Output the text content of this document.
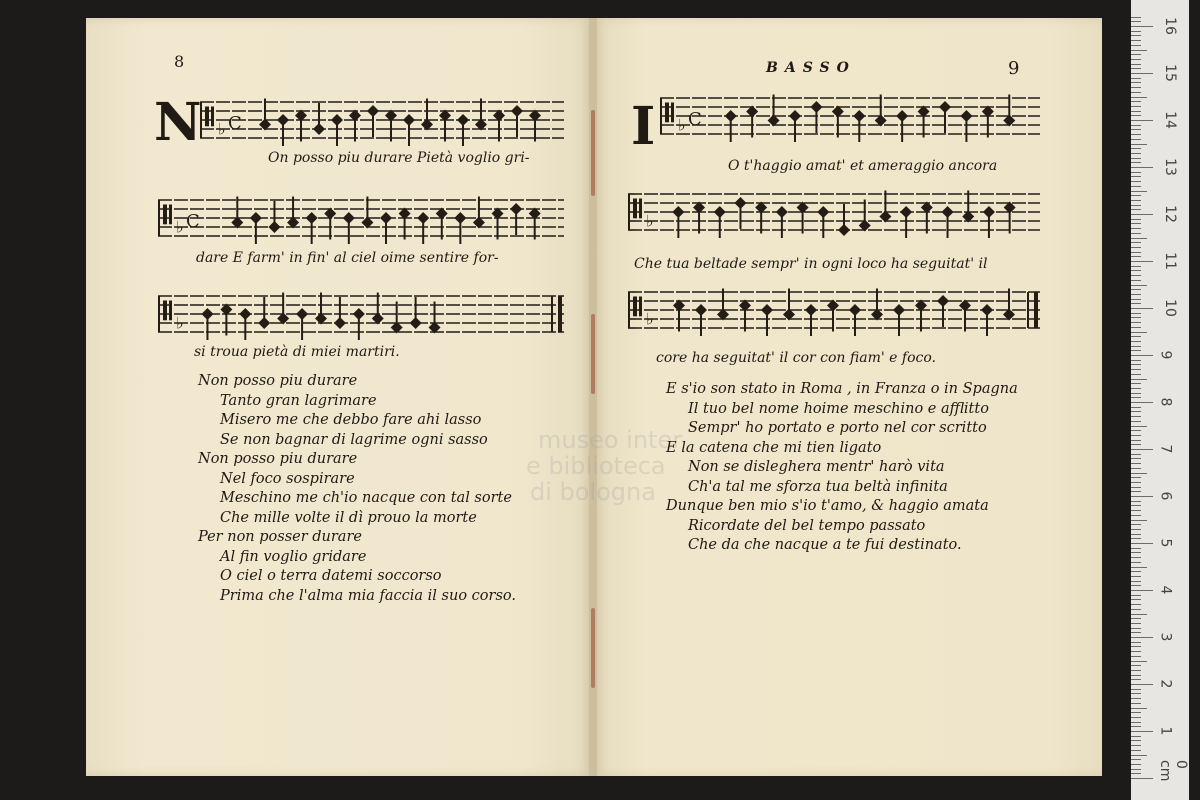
museo inter
e biblioteca
di bologna
8
N ♭ C
On posso piu durare Pietà voglio gri-
♭ C
dare E farm' in fin' al ciel oime sentire for-
♭
si troua pietà di miei martiri.
Non posso piu durare
Tanto gran lagrimare
Misero me che debbo fare ahi lasso
Se non bagnar di lagrime ogni sasso
Non posso piu durare
Nel foco sospirare
Meschino me ch'io nacque con tal sorte
Che mille volte il dì prouo la morte
Per non posser durare
Al fin voglio gridare
O ciel o terra datemi soccorso
Prima che l'alma mia faccia il suo corso.
BASSO	9
I ♭ C
O t'haggio amat' et ameraggio ancora
♭
Che tua beltade sempr' in ogni loco ha seguitat' il
♭
core ha seguitat' il cor con fiam' e foco.
E s'io son stato in Roma , in Franza o in Spagna
Il tuo bel nome hoime meschino e afflitto
Sempr' ho portato e porto nel cor scritto
E la catena che mi tien ligato
Non se disleghera mentr' harò vita
Ch'a tal me sforza tua beltà infinita
Dunque ben mio s'io t'amo, & haggio amata
Ricordate del bel tempo passato
Che da che nacque a te fui destinato.
1
2
3
4
5
6
7
8
9
10
11
12
13
14
15
16
0 cm
